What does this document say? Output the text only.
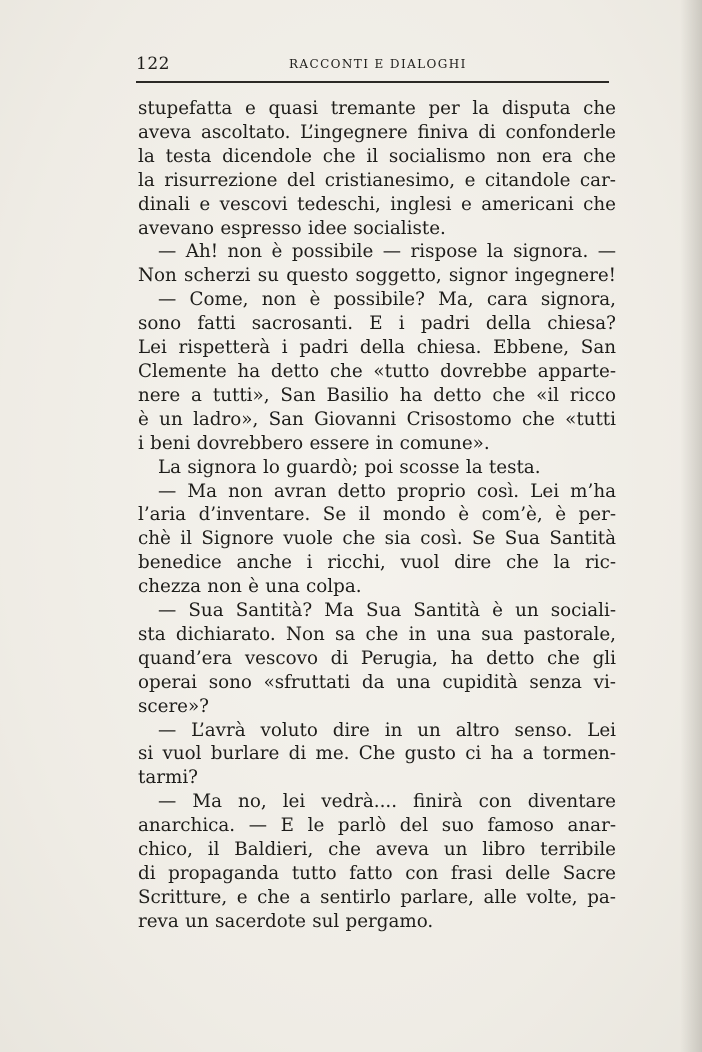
122	RACCONTI E DIALOGHI
stupefatta e quasi tremante per la disputa che
aveva ascoltato. L’ingegnere finiva di confonderle
la testa dicendole che il socialismo non era che
la risurrezione del cristianesimo, e citandole car-
dinali e vescovi tedeschi, inglesi e americani che
avevano espresso idee socialiste.
— Ah! non è possibile — rispose la signora. —
Non scherzi su questo soggetto, signor ingegnere!
— Come, non è possibile? Ma, cara signora,
sono fatti sacrosanti. E i padri della chiesa?
Lei rispetterà i padri della chiesa. Ebbene, San
Clemente ha detto che «tutto dovrebbe apparte-
nere a tutti», San Basilio ha detto che «il ricco
è un ladro», San Giovanni Crisostomo che «tutti
i beni dovrebbero essere in comune».
La signora lo guardò; poi scosse la testa.
— Ma non avran detto proprio così. Lei m’ha
l’aria d’inventare. Se il mondo è com’è, è per-
chè il Signore vuole che sia così. Se Sua Santità
benedice anche i ricchi, vuol dire che la ric-
chezza non è una colpa.
— Sua Santità? Ma Sua Santità è un sociali-
sta dichiarato. Non sa che in una sua pastorale,
quand’era vescovo di Perugia, ha detto che gli
operai sono «sfruttati da una cupidità senza vi-
scere»?
— L’avrà voluto dire in un altro senso. Lei
si vuol burlare di me. Che gusto ci ha a tormen-
tarmi?
— Ma no, lei vedrà.... finirà con diventare
anarchica. — E le parlò del suo famoso anar-
chico, il Baldieri, che aveva un libro terribile
di propaganda tutto fatto con frasi delle Sacre
Scritture, e che a sentirlo parlare, alle volte, pa-
reva un sacerdote sul pergamo.
